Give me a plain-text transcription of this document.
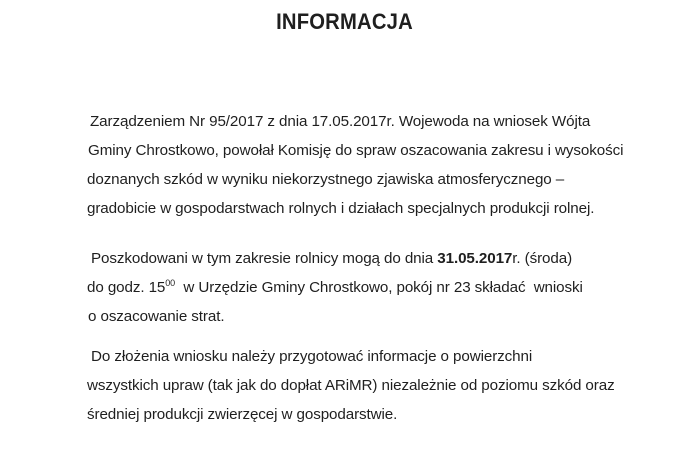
INFORMACJA
Zarządzeniem Nr 95/2017 z dnia 17.05.2017r. Wojewoda na wniosek Wójta
Gminy Chrostkowo, powołał Komisję do spraw oszacowania zakresu i wysokości
doznanych szkód w wyniku niekorzystnego zjawiska atmosferycznego –
gradobicie w gospodarstwach rolnych i działach specjalnych produkcji rolnej.
Poszkodowani w tym zakresie rolnicy mogą do dnia 31.05.2017r. (środa)
do godz. $15^{00}$  w Urzędzie Gminy Chrostkowo, pokój nr 23 składać  wnioski
o oszacowanie strat.
Do złożenia wniosku należy przygotować informacje o powierzchni
wszystkich upraw (tak jak do dopłat ARiMR) niezależnie od poziomu szkód oraz
średniej produkcji zwierzęcej w gospodarstwie.
